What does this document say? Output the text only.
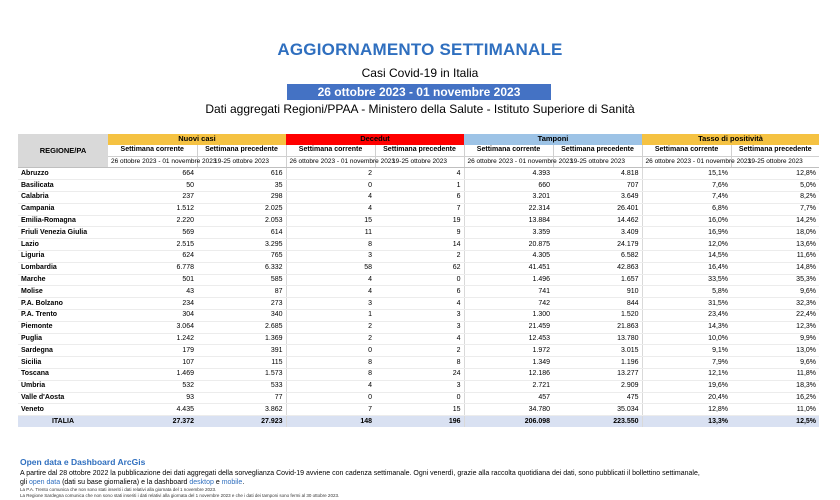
AGGIORNAMENTO SETTIMANALE
Casi Covid-19 in Italia
26 ottobre 2023 - 01 novembre 2023
Dati aggregati Regioni/PPAA - Ministero della Salute - Istituto Superiore di Sanità
REGIONE/PA	Nuovi casi		Decedut		Tamponi		Tasso di positività	
	Settimana corrente	Settimana precedente	Settimana corrente	Settimana precedente	Settimana corrente	Settimana precedente	Settimana corrente	Settimana precedente
	26 ottobre 2023 - 01 novembre 2023	19-25 ottobre 2023	26 ottobre 2023 - 01 novembre 2023	19-25 ottobre 2023	26 ottobre 2023 - 01 novembre 2023	19-25 ottobre 2023	26 ottobre 2023 - 01 novembre 2023	19-25 ottobre 2023
Abruzzo	664	616	2	4	4.393	4.818	15,1%	12,8%
Basilicata	50	35	0	1	660	707	7,6%	5,0%
Calabria	237	298	4	6	3.201	3.649	7,4%	8,2%
Campania	1.512	2.025	4	7	22.314	26.401	6,8%	7,7%
Emilia-Romagna	2.220	2.053	15	19	13.884	14.462	16,0%	14,2%
Friuli Venezia Giulia	569	614	11	9	3.359	3.409	16,9%	18,0%
Lazio	2.515	3.295	8	14	20.875	24.179	12,0%	13,6%
Liguria	624	765	3	2	4.305	6.582	14,5%	11,6%
Lombardia	6.778	6.332	58	62	41.451	42.863	16,4%	14,8%
Marche	501	585	4	0	1.496	1.657	33,5%	35,3%
Molise	43	87	4	6	741	910	5,8%	9,6%
P.A. Bolzano	234	273	3	4	742	844	31,5%	32,3%
P.A. Trento	304	340	1	3	1.300	1.520	23,4%	22,4%
Piemonte	3.064	2.685	2	3	21.459	21.863	14,3%	12,3%
Puglia	1.242	1.369	2	4	12.453	13.780	10,0%	9,9%
Sardegna	179	391	0	2	1.972	3.015	9,1%	13,0%
Sicilia	107	115	8	8	1.349	1.196	7,9%	9,6%
Toscana	1.469	1.573	8	24	12.186	13.277	12,1%	11,8%
Umbria	532	533	4	3	2.721	2.909	19,6%	18,3%
Valle d'Aosta	93	77	0	0	457	475	20,4%	16,2%
Veneto	4.435	3.862	7	15	34.780	35.034	12,8%	11,0%
ITALIA	27.372	27.923	148	196	206.098	223.550	13,3%	12,5%
Open data e Dashboard ArcGis
A partire dal 28 ottobre 2022 la pubblicazione dei dati aggregati della sorveglianza Covid-19 avviene con cadenza settimanale. Ogni venerdì, grazie alla raccolta quotidiana dei dati, sono pubblicati il bollettino settimanale,
gli open data (dati su base giornaliera) e la dashboard desktop e mobile.
La P.A. Trento comunica che non sono stati inseriti i dati relativi alla giornata del 1 novembre 2023.
La Regione Sardegna comunica che non sono stati inseriti i dati relativi alla giornata del 1 novembre 2023 e che i dati dei tamponi sono fermi al 30 ottobre 2023.
